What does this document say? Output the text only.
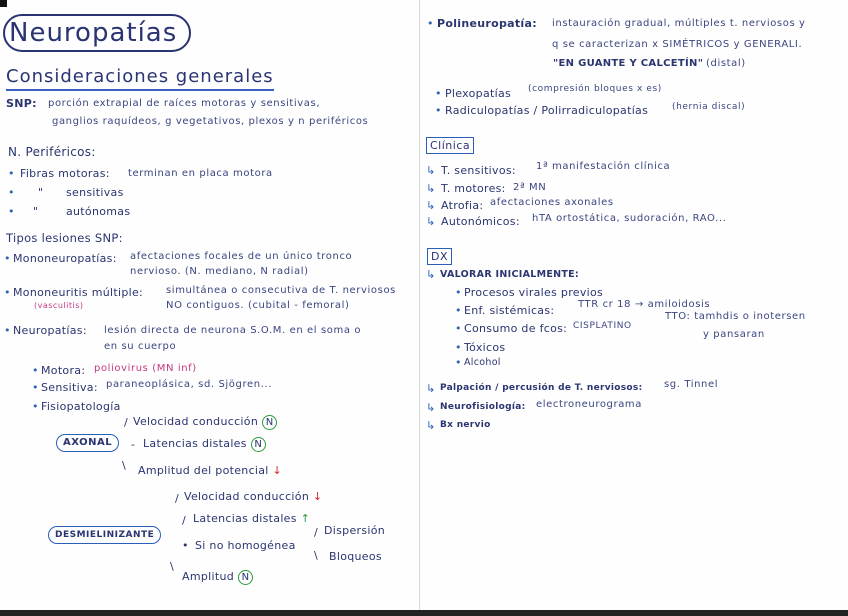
Neuropatías
Consideraciones generales
SNP: porción extrapial de raíces motoras y sensitivas,
ganglios raquídeos, g vegetativos, plexos y n periféricos
N. Periféricos:
• Fibras motoras: terminan en placa motora
• " sensitivas
• "	autónomas
Tipos lesiones SNP:
• Mononeuropatías: afectaciones focales de un único tronco
nervioso. (N. mediano, N radial)
• Mononeuritis múltiple:
(vasculitis)
simultánea o consecutiva de T. nerviosos
NO contiguos. (cubital - femoral)
• Neuropatías: lesión directa de neurona S.O.M. en el soma o
en su cuerpo
• Motora: poliovirus (MN inf)
• Sensitiva: paraneoplásica, sd. Sjögren...
• Fisiopatología
AXONAL
/ Velocidad conducción N
- Latencias distales N
\ Amplitud del potencial ↓
DESMIELINIZANTE
/ Velocidad conducción ↓
/ Latencias distales ↑
• Si no homogénea
/ Dispersión
\ Bloqueos
\
Amplitud N
• Polineuropatía: instauración gradual, múltiples t. nerviosos y
q se caracterizan x SIMÉTRICOS y GENERALI.
"EN GUANTE Y CALCETÍN" (distal)
• Plexopatías (compresión bloques x es)
• Radiculopatías / Polirradiculopatías	(hernia discal)
Clínica
↳ T. sensitivos: 1ª manifestación clínica
↳ T. motores: 2ª MN
↳ Atrofia: afectaciones axonales
↳ Autonómicos: hTA ortostática, sudoración, RAO...
DX
↳ VALORAR INICIALMENTE:
• Procesos virales previos
• Enf. sistémicas: TTR cr 18 → amiloidosis
• Consumo de fcos: CISPLATINO
TTO: tamhdis o inotersen
y pansaran
• Tóxicos
• Alcohol
↳ Palpación / percusión de T. nerviosos: sg. Tinnel
↳ Neurofisiología: electroneurograma
↳ Bx nervio
